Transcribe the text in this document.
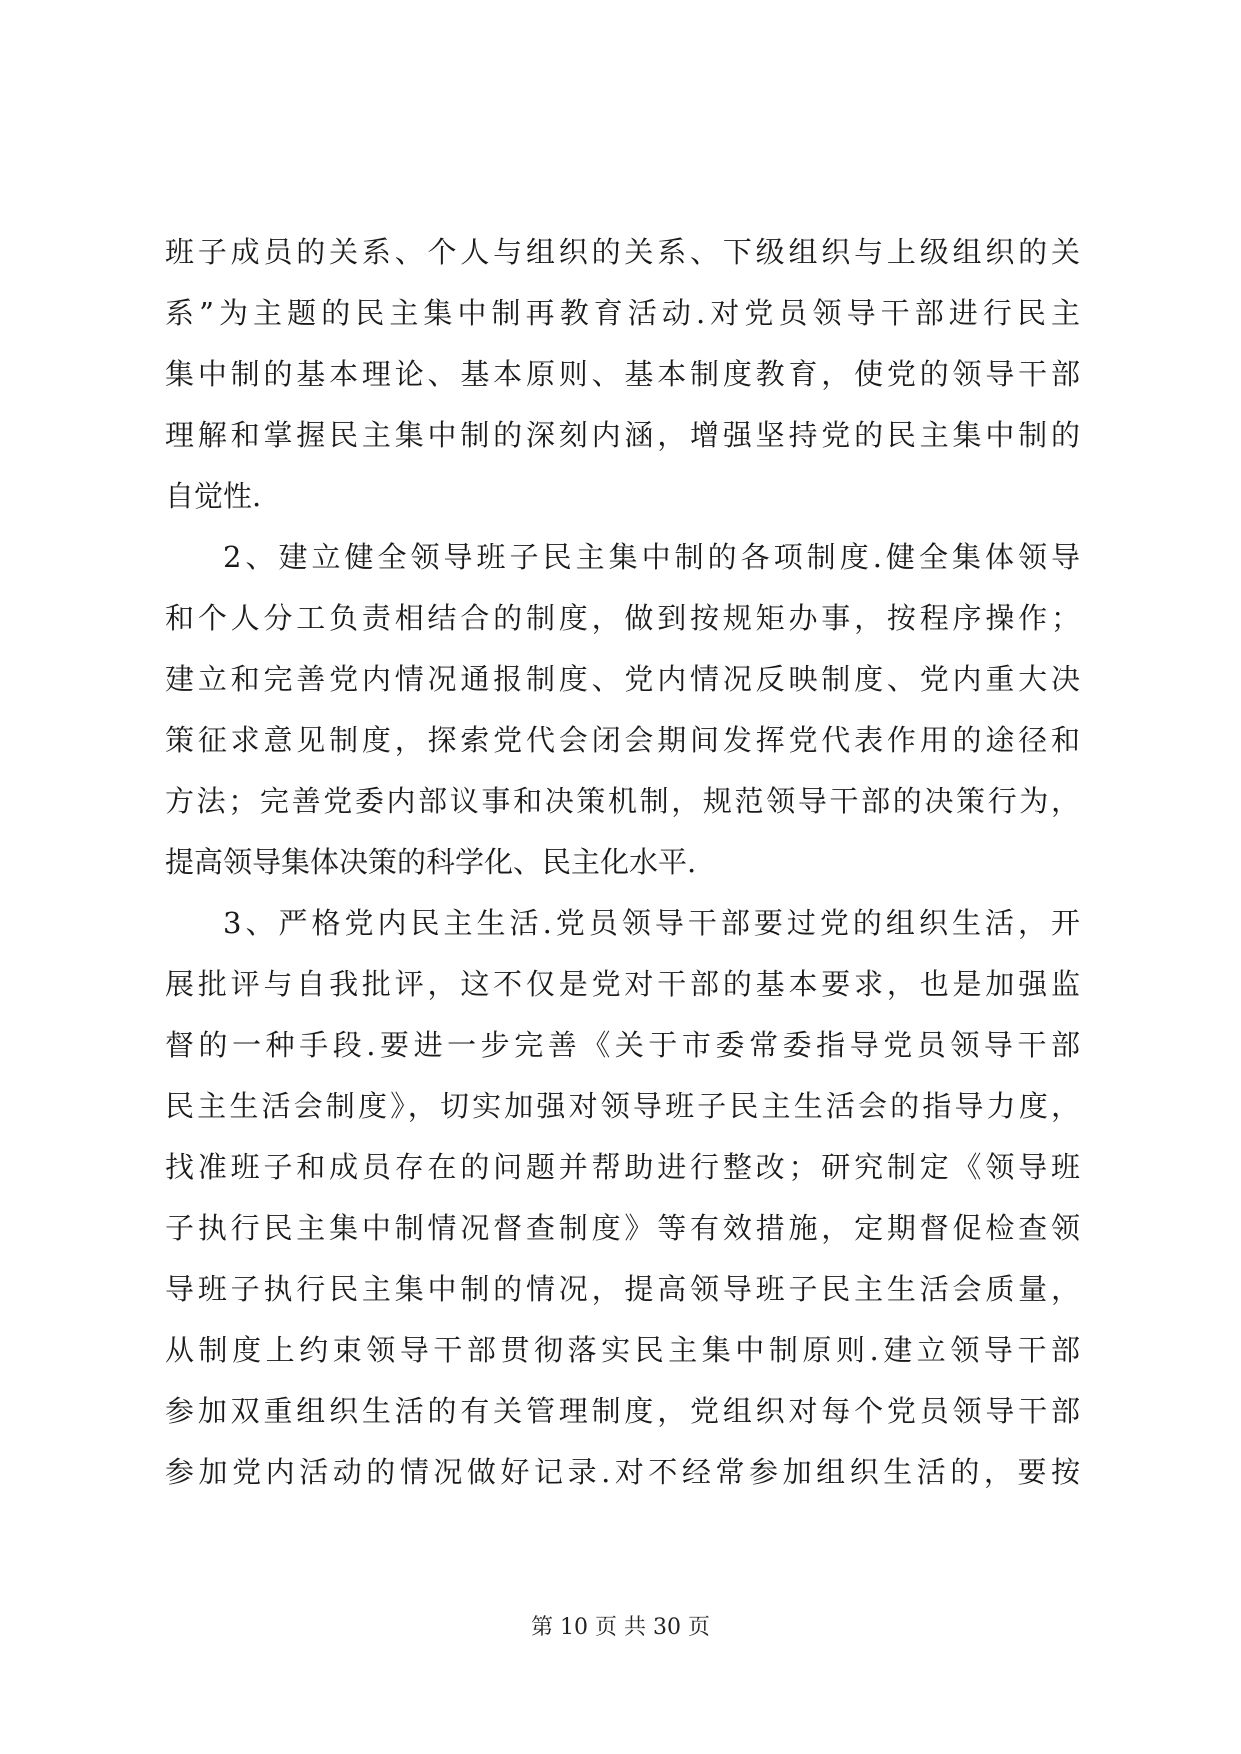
班子成员的关系、个人与组织的关系、下级组织与上级组织的关
系”为主题的民主集中制再教育活动.对党员领导干部进行民主
集中制的基本理论、基本原则、基本制度教育，使党的领导干部
理解和掌握民主集中制的深刻内涵，增强坚持党的民主集中制的
自觉性.
2、建立健全领导班子民主集中制的各项制度.健全集体领导
和个人分工负责相结合的制度，做到按规矩办事，按程序操作；
建立和完善党内情况通报制度、党内情况反映制度、党内重大决
策征求意见制度，探索党代会闭会期间发挥党代表作用的途径和
方法；完善党委内部议事和决策机制，规范领导干部的决策行为，
提高领导集体决策的科学化、民主化水平.
3、严格党内民主生活.党员领导干部要过党的组织生活，开
展批评与自我批评，这不仅是党对干部的基本要求，也是加强监
督的一种手段.要进一步完善《关于市委常委指导党员领导干部
民主生活会制度》，切实加强对领导班子民主生活会的指导力度，
找准班子和成员存在的问题并帮助进行整改；研究制定《领导班
子执行民主集中制情况督查制度》等有效措施，定期督促检查领
导班子执行民主集中制的情况，提高领导班子民主生活会质量，
从制度上约束领导干部贯彻落实民主集中制原则.建立领导干部
参加双重组织生活的有关管理制度，党组织对每个党员领导干部
参加党内活动的情况做好记录.对不经常参加组织生活的，要按
第 10 页 共 30 页
